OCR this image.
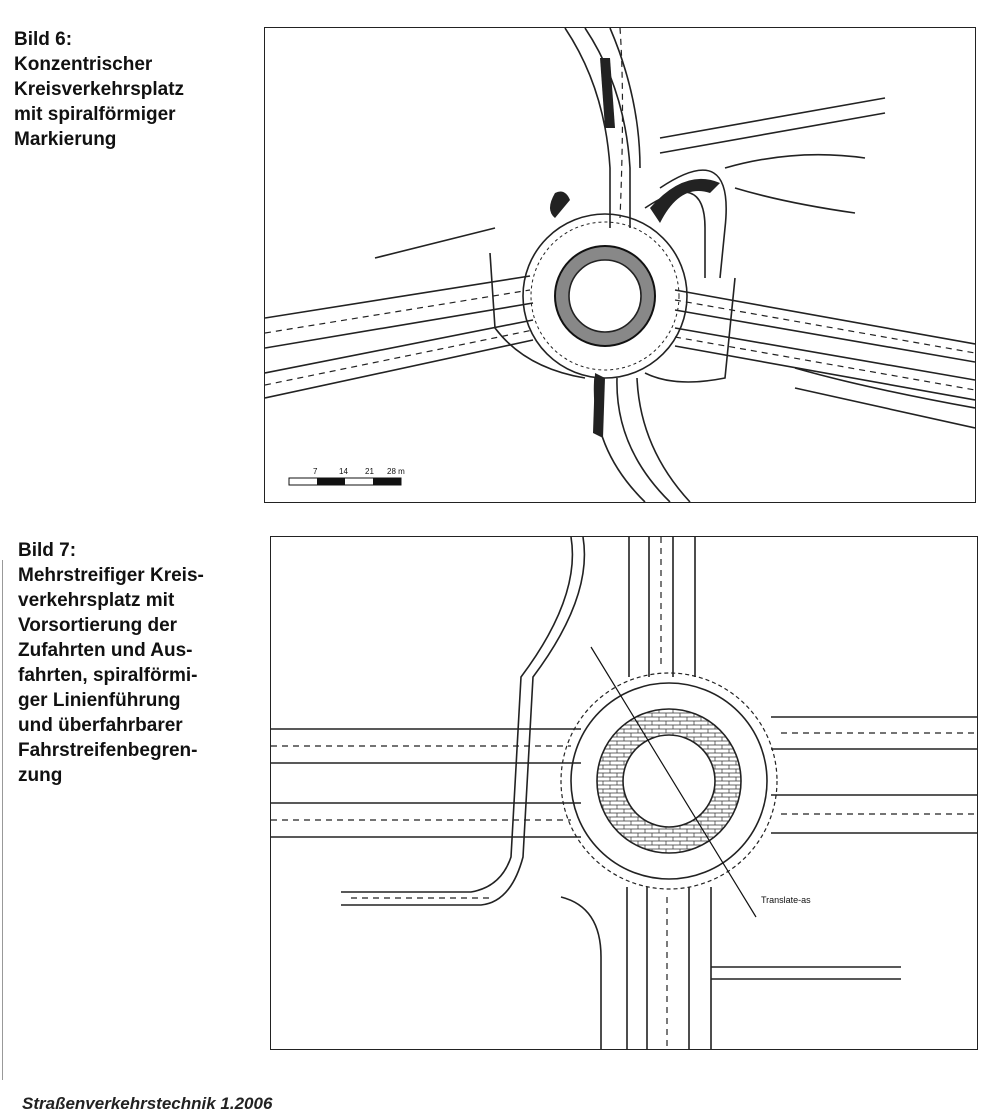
Bild 6:
Konzentrischer
Kreisverkehrsplatz
mit spiralförmiger
Markierung
7	14 21 28 m
Bild 7:
Mehrstreifiger Kreis-
verkehrsplatz mit
Vorsortierung der
Zufahrten und Aus-
fahrten, spiralförmi-
ger Linienführung
und überfahrbarer
Fahrstreifenbegren-
zung
Translate-as
Straßenverkehrstechnik 1.2006
